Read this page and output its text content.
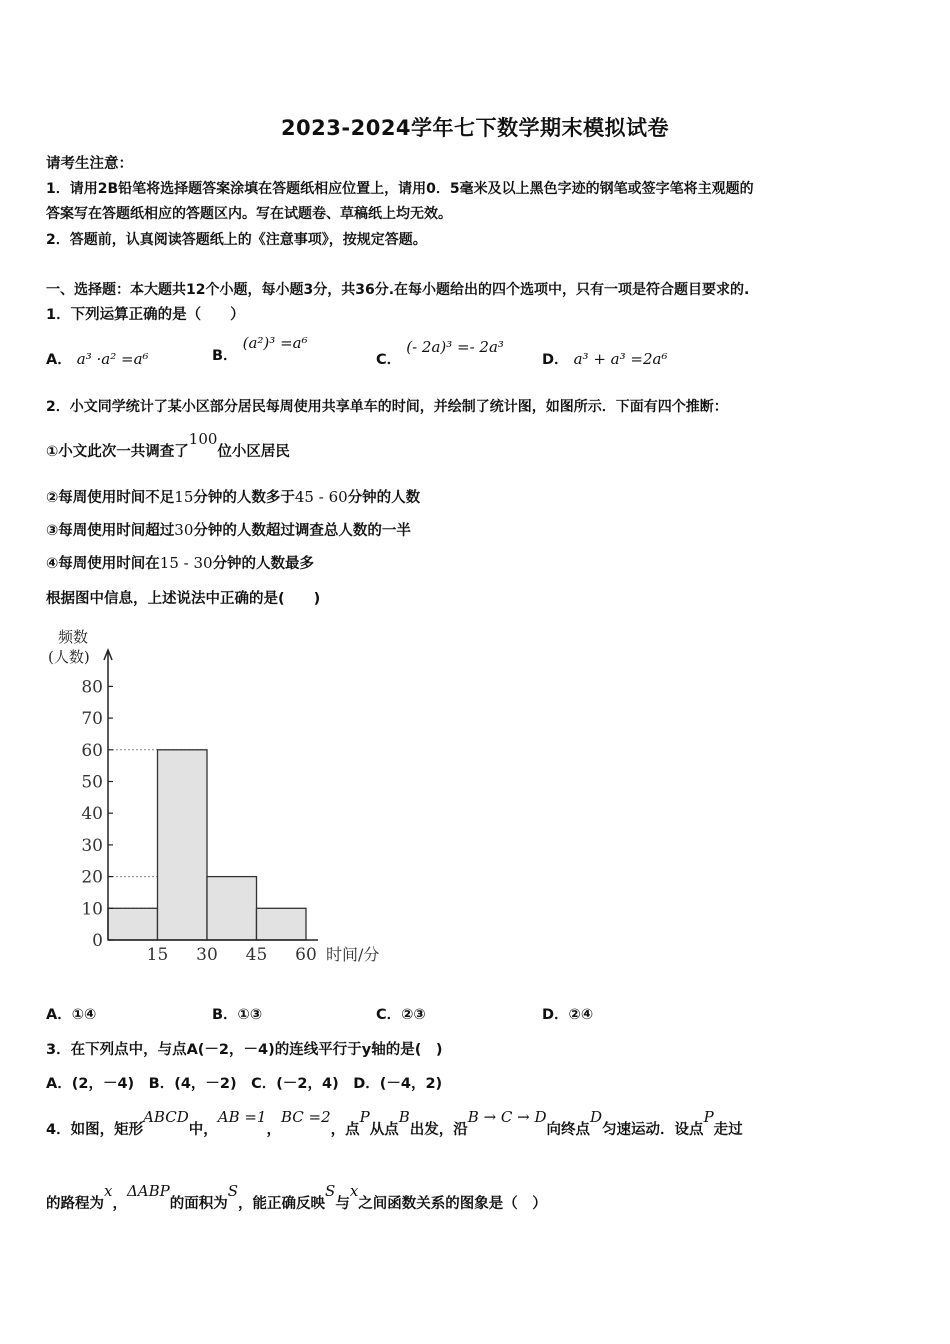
2023-2024学年七下数学期末模拟试卷
请考生注意：
1．请用2B铅笔将选择题答案涂填在答题纸相应位置上，请用0．5毫米及以上黑色字迹的钢笔或签字笔将主观题的
答案写在答题纸相应的答题区内。写在试题卷、草稿纸上均无效。
2．答题前，认真阅读答题纸上的《注意事项》，按规定答题。
一、选择题：本大题共12个小题，每小题3分，共36分.在每小题给出的四个选项中，只有一项是符合题目要求的.
1．下列运算正确的是（　　）
A． a³ ·a² =a⁶	B． (a²)³ =a⁶
C． (- 2a)³ =- 2a³
D． a³ + a³ =2a⁶
2．小文同学统计了某小区部分居民每周使用共享单车的时间，并绘制了统计图，如图所示．下面有四个推断：
①小文此次一共调查了100位小区居民
②每周使用时间不足15分钟的人数多于45 - 60分钟的人数
③每周使用时间超过30分钟的人数超过调查总人数的一半
④每周使用时间在15 - 30分钟的人数最多
根据图中信息，上述说法中正确的是(　　)
频数
(人数)
80
70
60
50
40
30
20
10
0
15 30 45 60 时间/分
A．①④	B．①③	C．②③	D．②④
3．在下列点中，与点A(－2，－4)的连线平行于y轴的是(　)
A．(2，－4)　B．(4，－2)　C．(－2，4)　D．(－4，2)
4．如图，矩形ABCD中，AB =1，BC =2，点P从点B出发，沿B → C → D向终点D匀速运动．设点P走过
的路程为x，ΔABP的面积为S，能正确反映S与x之间函数关系的图象是（　）
